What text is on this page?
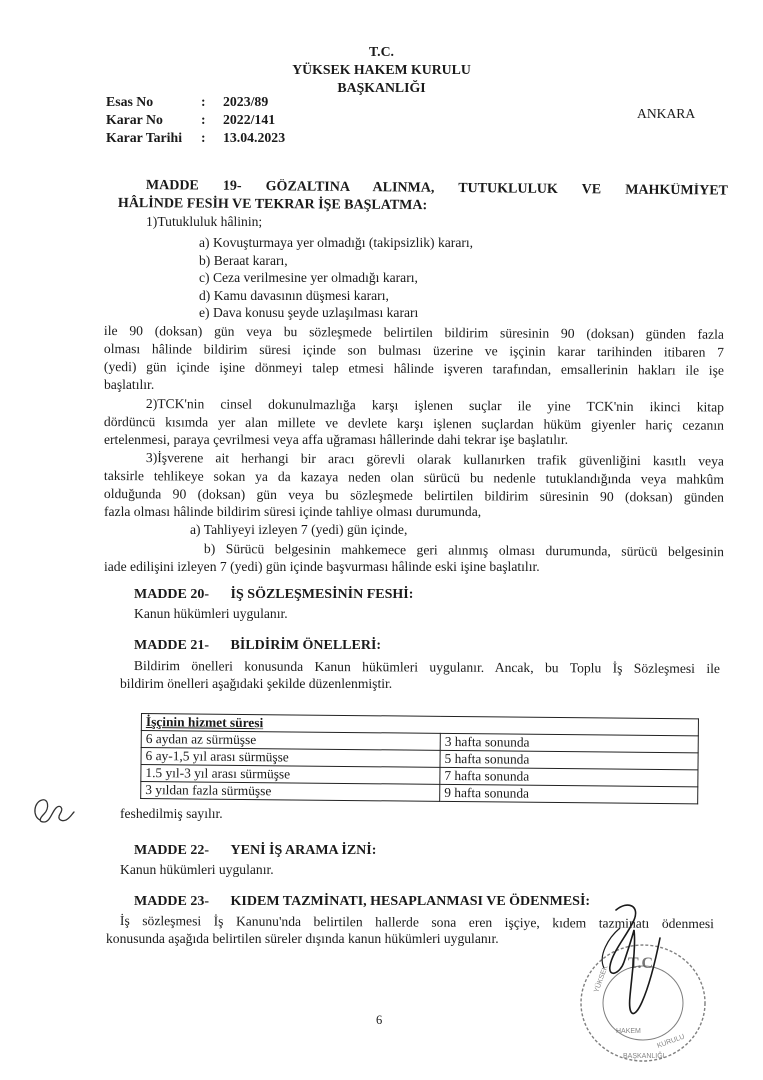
T.C.
YÜKSEK HAKEM KURULU
BAŞKANLIĞI
ANKARA
Esas No	: 2023/89
Karar No	: 2022/141
Karar Tarihi : 13.04.2023
MADDE 19- GÖZALTINA ALINMA, TUTUKLULUK VE MAHKÛMİYET
HÂLİNDE FESİH VE TEKRAR İŞE BAŞLATMA:
1)Tutukluluk hâlinin;
a) Kovuşturmaya yer olmadığı (takipsizlik) kararı,
b) Beraat kararı,
c) Ceza verilmesine yer olmadığı kararı,
d) Kamu davasının düşmesi kararı,
e) Dava konusu şeyde uzlaşılması kararı
ile 90 (doksan) gün veya bu sözleşmede belirtilen bildirim süresinin 90 (doksan) günden fazla
olması hâlinde bildirim süresi içinde son bulması üzerine ve işçinin karar tarihinden itibaren 7
(yedi) gün içinde işine dönmeyi talep etmesi hâlinde işveren tarafından, emsallerinin hakları ile işe
başlatılır.
2)TCK'nin cinsel dokunulmazlığa karşı işlenen suçlar ile yine TCK'nin ikinci kitap
dördüncü kısımda yer alan millete ve devlete karşı işlenen suçlardan hüküm giyenler hariç cezanın
ertelenmesi, paraya çevrilmesi veya affa uğraması hâllerinde dahi tekrar işe başlatılır.
3)İşverene ait herhangi bir aracı görevli olarak kullanırken trafik güvenliğini kasıtlı veya
taksirle tehlikeye sokan ya da kazaya neden olan sürücü bu nedenle tutuklandığında veya mahkûm
olduğunda 90 (doksan) gün veya bu sözleşmede belirtilen bildirim süresinin 90 (doksan) günden
fazla olması hâlinde bildirim süresi içinde tahliye olması durumunda,
a) Tahliyeyi izleyen 7 (yedi) gün içinde,
b) Sürücü belgesinin mahkemece geri alınmış olması durumunda, sürücü belgesinin
iade edilişini izleyen 7 (yedi) gün içinde başvurması hâlinde eski işine başlatılır.
MADDE 20- İŞ SÖZLEŞMESİNİN FESHİ:
Kanun hükümleri uygulanır.
MADDE 21- BİLDİRİM ÖNELLERİ:
Bildirim önelleri konusunda Kanun hükümleri uygulanır. Ancak, bu Toplu İş Sözleşmesi ile
bildirim önelleri aşağıdaki şekilde düzenlenmiştir.
İşçinin hizmet süresi	
6 aydan az sürmüşse	3 hafta sonunda
6 ay-1,5 yıl arası sürmüşse	5 hafta sonunda
1.5 yıl-3 yıl arası sürmüşse	7 hafta sonunda
3 yıldan fazla sürmüşse	9 hafta sonunda
feshedilmiş sayılır.
MADDE 22- YENİ İŞ ARAMA İZNİ:
Kanun hükümleri uygulanır.
MADDE 23- KIDEM TAZMİNATI, HESAPLANMASI VE ÖDENMESİ:
İş sözleşmesi İş Kanunu'nda belirtilen hallerde sona eren işçiye, kıdem tazminatı ödenmesi
konusunda aşağıda belirtilen süreler dışında kanun hükümleri uygulanır.
T.C
YÜKSEK
KURULU
HAKEM
BAŞKANLIĞI
6
